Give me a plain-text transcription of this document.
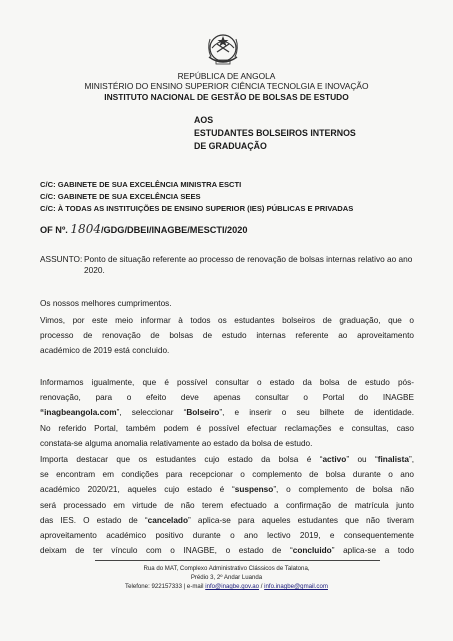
REPÚBLICA DE ANGOLA
MINISTÉRIO DO ENSINO SUPERIOR CIÊNCIA TECNOLGIA E INOVAÇÃO
INSTITUTO NACIONAL DE GESTÃO DE BOLSAS DE ESTUDO
AOS
ESTUDANTES BOLSEIROS INTERNOS
DE GRADUAÇÃO
C/C: GABINETE DE SUA EXCELÊNCIA MINISTRA ESCTI
C/C: GABINETE DE SUA EXCELÊNCIA SEES
C/C: À TODAS AS INSTITUIÇÕES DE ENSINO SUPERIOR (IES) PÚBLICAS E PRIVADAS
OF Nº. 1804/GDG/DBEI/INAGBE/MESCTI/2020
ASSUNTO: Ponto de situação referente ao processo de renovação de bolsas internas relativo ao ano 2020.
Os nossos melhores cumprimentos.
Vimos, por este meio informar à todos os estudantes bolseiros de graduação, que o
processo de renovação de bolsas de estudo internas referente ao aproveitamento
académico de 2019 está concluido.
Informamos igualmente, que é possível consultar o estado da bolsa de estudo pós-
renovação, para o efeito deve apenas consultar o Portal do INAGBE
“inagbeangola.com”, seleccionar “Bolseiro”, e inserir o seu bilhete de identidade.
No referido Portal, também podem é possível efectuar reclamações e consultas, caso
constata-se alguma anomalia relativamente ao estado da bolsa de estudo.
Importa destacar que os estudantes cujo estado da bolsa é “activo” ou “finalista”,
se encontram em condições para recepcionar o complemento de bolsa durante o ano
académico 2020/21, aqueles cujo estado é “suspenso”, o complemento de bolsa não
será processado em virtude de não terem efectuado a confirmação de matrícula junto
das IES. O estado de “cancelado” aplica-se para aqueles estudantes que não tiveram
aproveitamento académico positivo durante o ano lectivo 2019, e consequentemente
deixam de ter vínculo com o INAGBE, o estado de “concluido” aplica-se a todo
Rua do MAT, Complexo Administrativo Clássicos de Talatona,
Prédio 3, 2º Andar Luanda
Telefone: 922157333 | e-mail info@inagbe.gov.ao / info.inagbe@gmail.com
